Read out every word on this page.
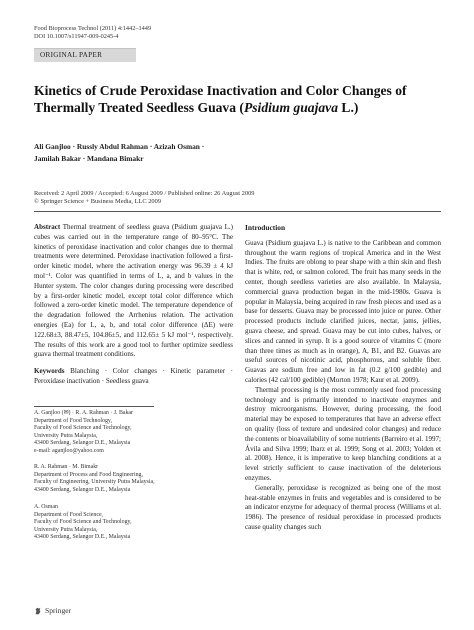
Food Bioprocess Technol (2011) 4:1442–1449
DOI 10.1007/s11947-009-0245-4
ORIGINAL PAPER
Kinetics of Crude Peroxidase Inactivation and Color Changes of Thermally Treated Seedless Guava (Psidium guajava L.)
Ali Ganjloo · Russly Abdul Rahman · Azizah Osman ·
Jamilah Bakar · Mandana Bimakr
Received: 2 April 2009 / Accepted: 6 August 2009 / Published online: 26 August 2009
© Springer Science + Business Media, LLC 2009

Abstract Thermal treatment of seedless guava (Psidium guajava L.) cubes was carried out in the temperature range of 80–95°C. The kinetics of peroxidase inactivation and color changes due to thermal treatments were determined. Peroxidase inactivation followed a first-order kinetic model, where the activation energy was 96.39 ± 4 kJ mol⁻¹. Color was quantified in terms of L, a, and b values in the Hunter system. The color changes during processing were described by a first-order kinetic model, except total color difference which followed a zero-order kinetic model. The temperature dependence of the degradation followed the Arrhenius relation. The activation energies (Ea) for L, a, b, and total color difference (ΔE) were 122.68±3, 88.47±5, 104.86±5, and 112.65± 5 kJ mol⁻¹, respectively. The results of this work are a good tool to further optimize seedless guava thermal treatment conditions.

Keywords Blanching · Color changes · Kinetic parameter · Peroxidase inactivation · Seedless guava

A. Ganjloo (✉) · R. A. Rahman · J. Bakar
Department of Food Technology,
Faculty of Food Science and Technology,
University Putra Malaysia,
43400 Serdang, Selangor D.E., Malaysia
e-mail: aganjloo@yahoo.com
R. A. Rahman · M. Bimakr
Department of Process and Food Engineering,
Faculty of Engineering, University Putra Malaysia,
43400 Serdang, Selangor D.E., Malaysia
A. Osman
Department of Food Science,
Faculty of Food Science and Technology,
University Putra Malaysia,
43400 Serdang, Selangor D.E., Malaysia
Introduction

Guava (Psidium guajava L.) is native to the Caribbean and common throughout the warm regions of tropical America and in the West Indies. The fruits are oblong to pear shape with a thin skin and flesh that is white, red, or salmon colored. The fruit has many seeds in the center, though seedless varieties are also available. In Malaysia, commercial guava production began in the mid-1980s. Guava is popular in Malaysia, being acquired in raw fresh pieces and used as a base for desserts. Guava may be processed into juice or puree. Other processed products include clarified juices, nectar, jams, jellies, guava cheese, and spread. Guava may be cut into cubes, halves, or slices and canned in syrup. It is a good source of vitamins C (more than three times as much as in orange), A, B1, and B2. Guavas are useful sources of nicotinic acid, phosphorous, and soluble fiber. Guavas are sodium free and low in fat (0.2 g/100 gedible) and calories (42 cal/100 gedible) (Morton 1978; Kaur et al. 2009).

Thermal processing is the most commonly used food processing technology and is primarily intended to inactivate enzymes and destroy microorganisms. However, during processing, the food material may be exposed to temperatures that have an adverse effect on quality (loss of texture and undesired color changes) and reduce the contents or bioavailability of some nutrients (Barreiro et al. 1997; Ávila and Silva 1999; Ibarz et al. 1999; Song et al. 2003; Yolden et al. 2008). Hence, it is imperative to keep blanching conditions at a level strictly sufficient to cause inactivation of the deleterious enzymes.

Generally, peroxidase is recognized as being one of the most heat-stable enzymes in fruits and vegetables and is considered to be an indicator enzyme for adequacy of thermal process (Williams et al. 1986). The presence of residual peroxidase in processed products cause quality changes such

Springer
